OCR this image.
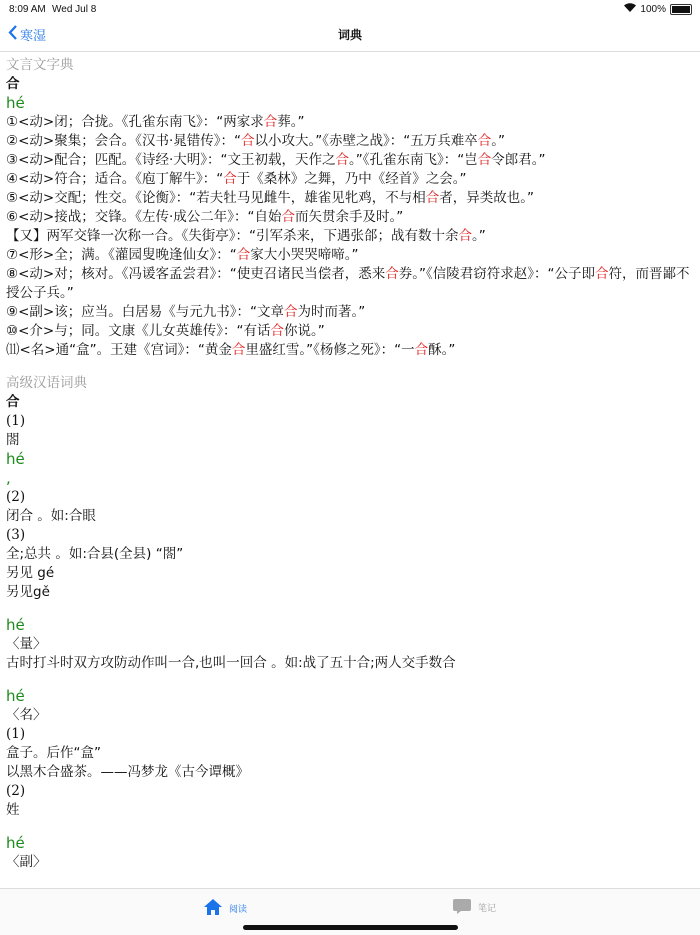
8:09 AM Wed Jul 8	100%
寒湿	词典
文言文字典
合
hé
①<动>闭；合拢。《孔雀东南飞》：“两家求合葬。”
②<动>聚集；会合。《汉书·晁错传》：“合以小攻大。”《赤壁之战》：“五万兵难卒合。”
③<动>配合；匹配。《诗经·大明》：“文王初载，天作之合。”《孔雀东南飞》：“岂合令郎君。”
④<动>符合；适合。《庖丁解牛》：“合于《桑林》之舞，乃中《经首》之会。”
⑤<动>交配；性交。《论衡》：“若夫牡马见雌牛，雄雀见牝鸡，不与相合者，异类故也。”
⑥<动>接战；交锋。《左传·成公二年》：“自始合而矢贯余手及时。”
【又】两军交锋一次称一合。《失街亭》：“引军杀来，下遇张郃；战有数十余合。”
⑦<形>全；满。《灌园叟晚逢仙女》：“合家大小哭哭啼啼。”
⑧<动>对；核对。《冯谖客孟尝君》：“使吏召诸民当偿者，悉来合券。”《信陵君窃符求赵》：“公子即合符，而晋鄙不授公子兵。”
⑨<副>该；应当。白居易《与元九书》：“文章合为时而著。”
⑩<介>与；同。文康《儿女英雄传》：“有话合你说。”
⑾<名>通“盒”。王建《宫词》：“黄金合里盛红雪。”《杨修之死》：“一合酥。”
高级汉语词典
合
(1)
閤
hé
,
(2)
闭合 。如:合眼
(3)
全;总共 。如:合县(全县) “閤”
另见 gé
另见gě
hé
〈量〉
古时打斗时双方攻防动作叫一合,也叫一回合 。如:战了五十合;两人交手数合
hé
〈名〉
(1)
盒子。后作“盒”
以黑木合盛茶。——冯梦龙《古今谭概》
(2)
姓
hé
〈副〉
阅读	笔记
